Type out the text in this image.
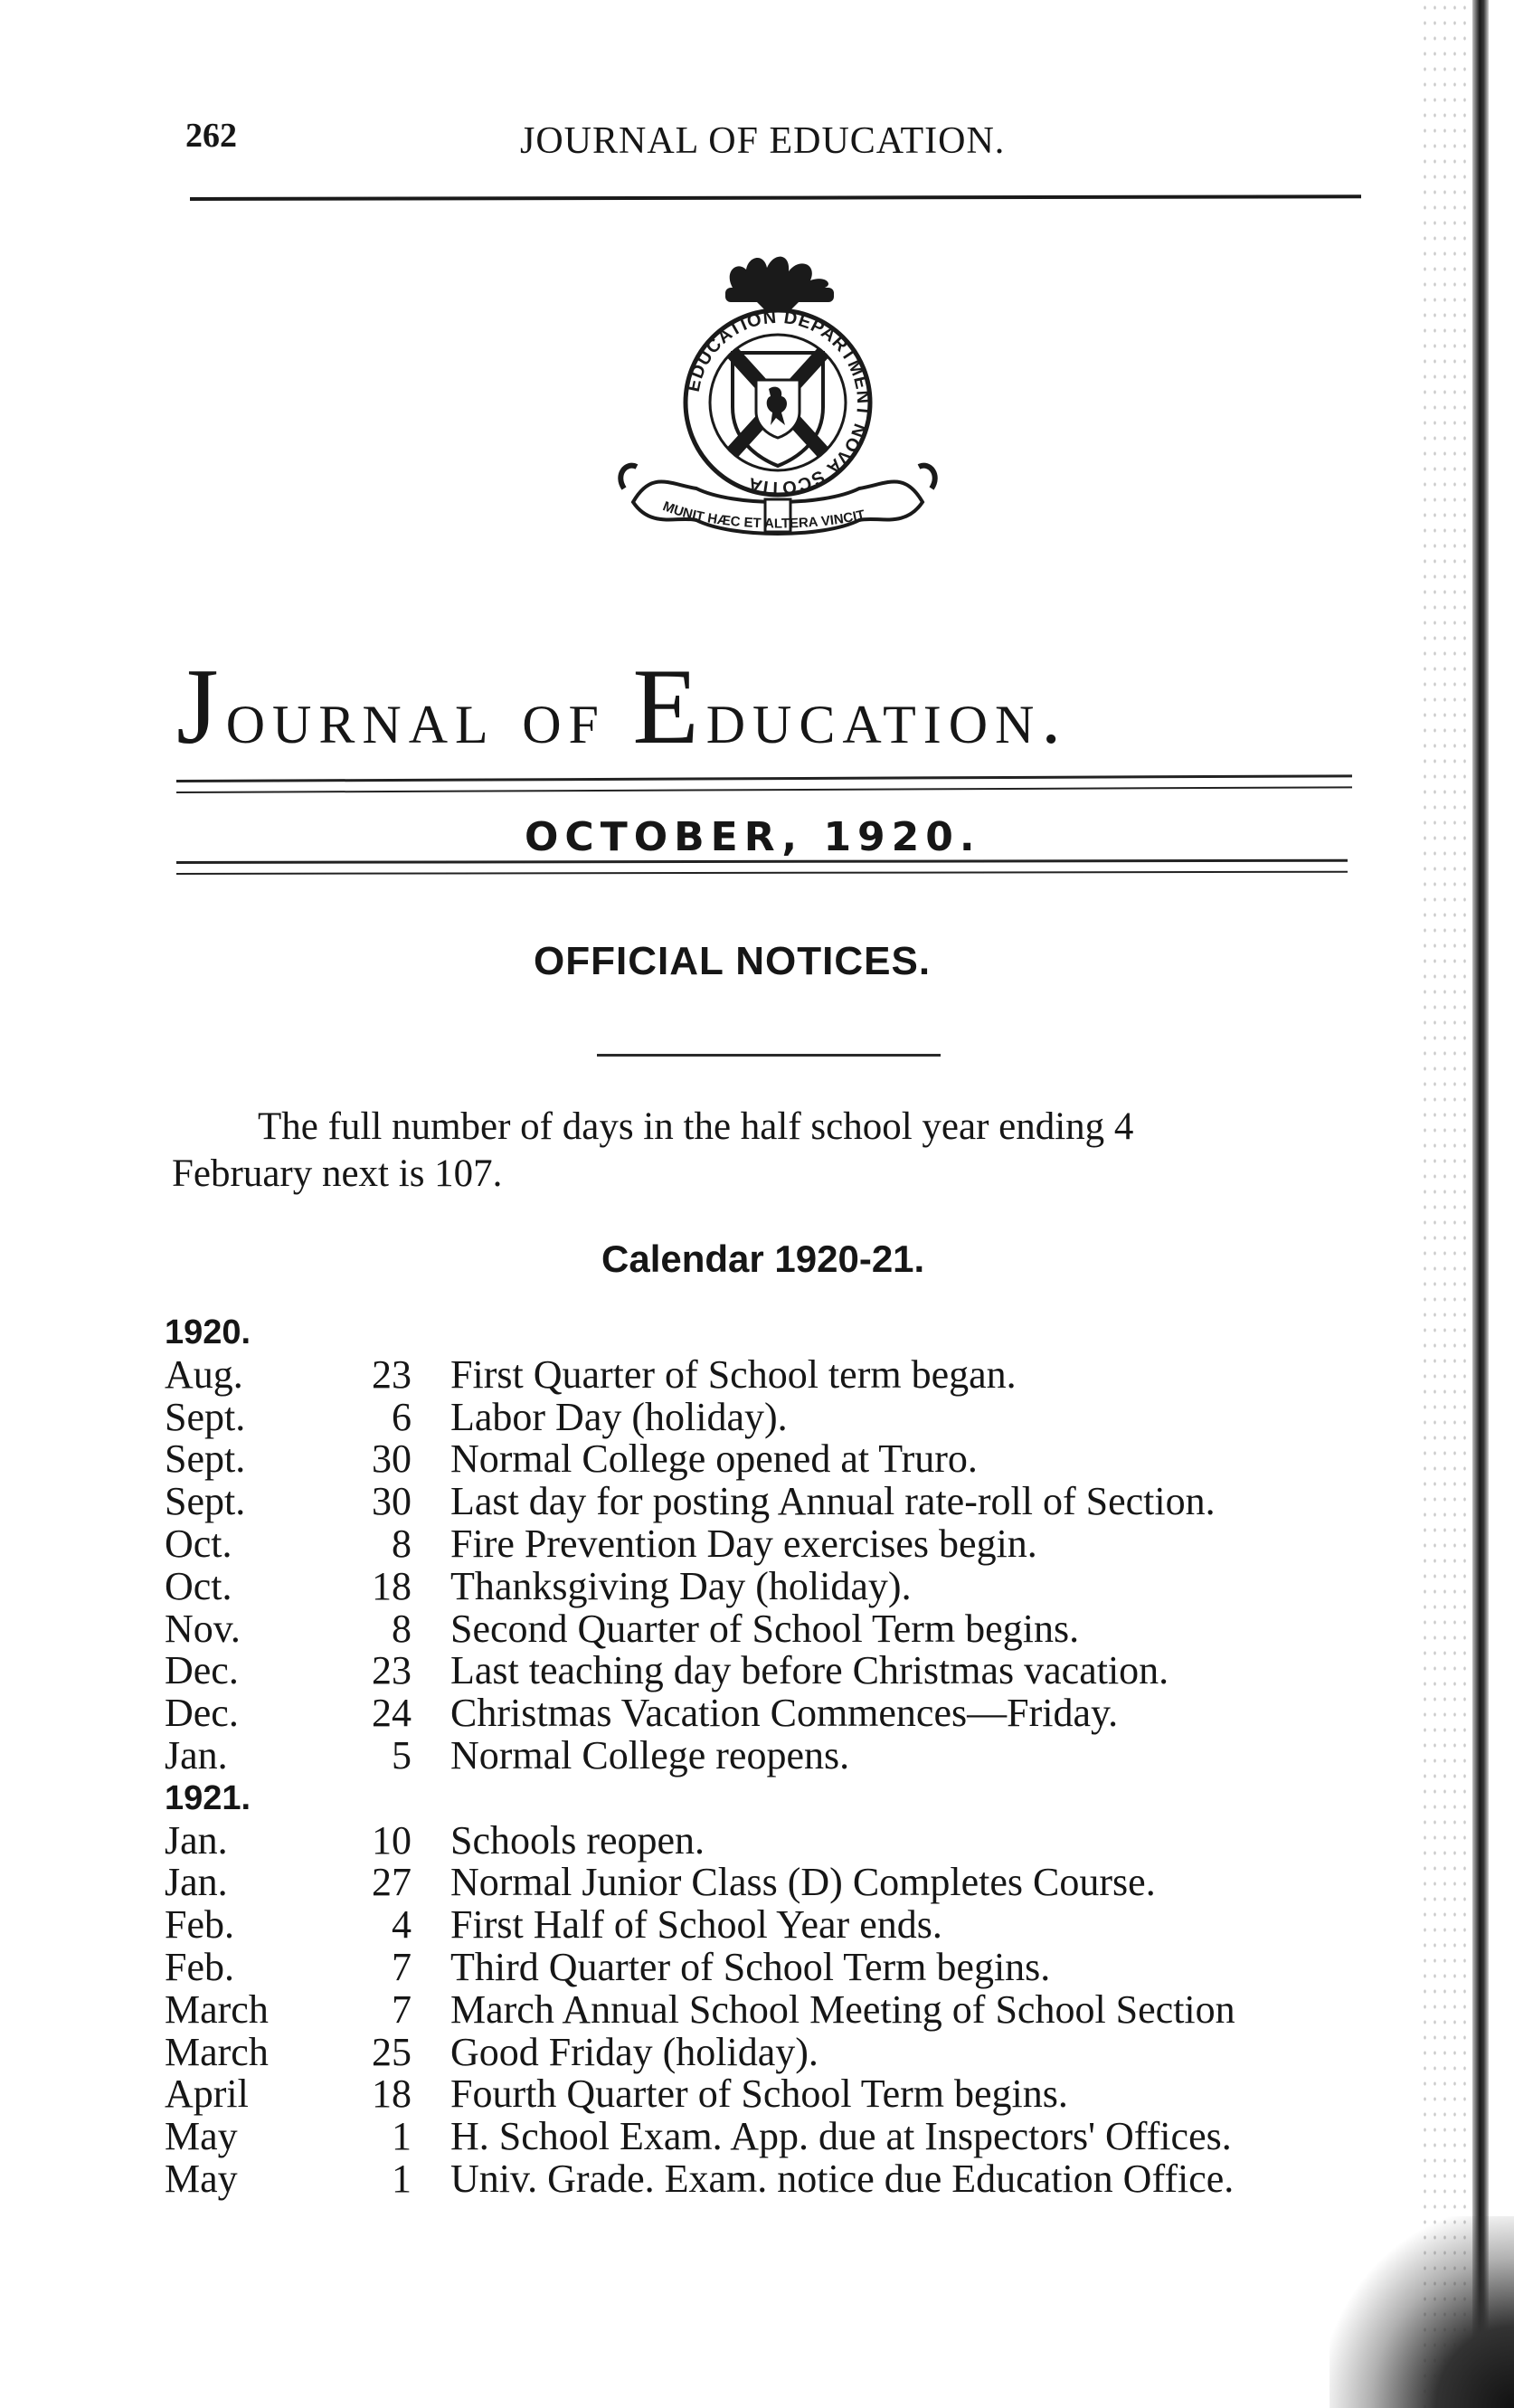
262	JOURNAL OF EDUCATION.
EDUCATION DEPARTMENT NOVA SCOTIA
MUNIT HÆC ET ALTERA VINCIT
Journal of Education.
OCTOBER, 1920.
OFFICIAL NOTICES.
The full number of days in the half school year ending 4
February next is 107.
Calendar 1920-21.
1920.
Aug.	23 First Quarter of School term began.
Sept.	6 Labor Day (holiday).
Sept.	30 Normal College opened at Truro.
Sept.	30 Last day for posting Annual rate-roll of Section.
Oct.	8 Fire Prevention Day exercises begin.
Oct.	18 Thanksgiving Day (holiday).
Nov.	8 Second Quarter of School Term begins.
Dec.	23 Last teaching day before Christmas vacation.
Dec.	24 Christmas Vacation Commences—Friday.
Jan.	5 Normal College reopens.
1921.
Jan.	10 Schools reopen.
Jan.	27 Normal Junior Class (D) Completes Course.
Feb.	4 First Half of School Year ends.
Feb.	7 Third Quarter of School Term begins.
March	7 March Annual School Meeting of School Section
March	25 Good Friday (holiday).
April	18 Fourth Quarter of School Term begins.
May	1 H. School Exam. App. due at Inspectors' Offices.
May	1 Univ. Grade. Exam. notice due Education Office.
